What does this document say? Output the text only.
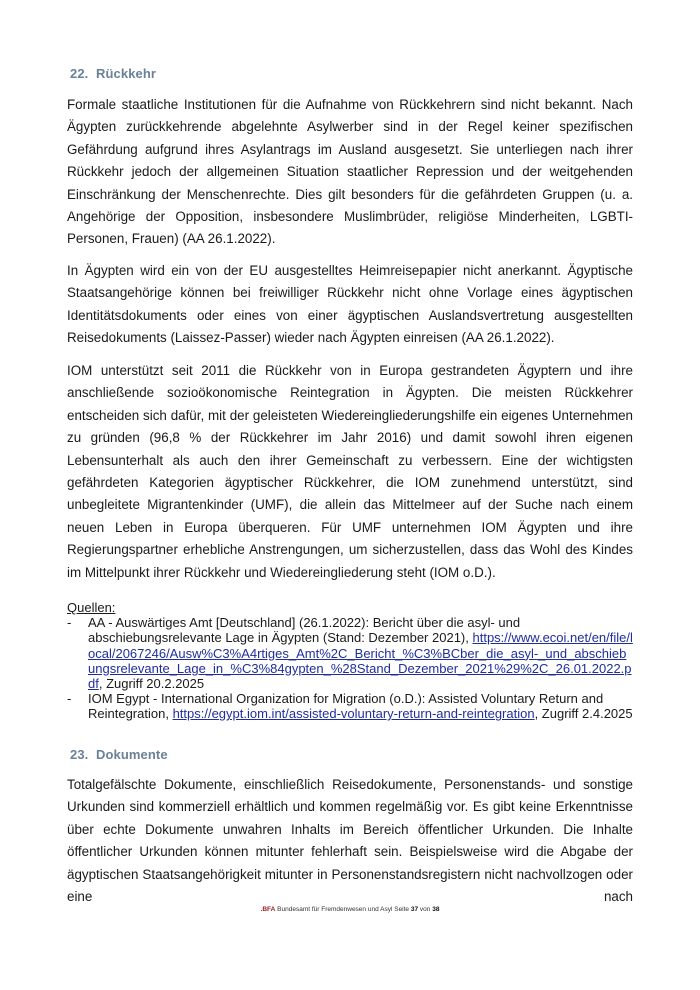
22. Rückkehr

Formale staatliche Institutionen für die Aufnahme von Rückkehrern sind nicht bekannt. Nach Ägypten zurückkehrende abgelehnte Asylwerber sind in der Regel keiner spezifischen Gefährdung aufgrund ihres Asylantrags im Ausland ausgesetzt. Sie unterliegen nach ihrer Rückkehr jedoch der allgemeinen Situation staatlicher Repression und der weitgehenden Einschränkung der Menschenrechte. Dies gilt besonders für die gefährdeten Gruppen (u. a. Angehörige der Opposition, insbesondere Muslimbrüder, religiöse Minderheiten, LGBTI-Personen, Frauen) (AA 26.1.2022).

In Ägypten wird ein von der EU ausgestelltes Heimreisepapier nicht anerkannt. Ägyptische Staatsangehörige können bei freiwilliger Rückkehr nicht ohne Vorlage eines ägyptischen Identitätsdokuments oder eines von einer ägyptischen Auslandsvertretung ausgestellten Reisedokuments (Laissez-Passer) wieder nach Ägypten einreisen (AA 26.1.2022).

IOM unterstützt seit 2011 die Rückkehr von in Europa gestrandeten Ägyptern und ihre anschließende sozioökonomische Reintegration in Ägypten. Die meisten Rückkehrer entscheiden sich dafür, mit der geleisteten Wiedereingliederungshilfe ein eigenes Unternehmen zu gründen (96,8 % der Rückkehrer im Jahr 2016) und damit sowohl ihren eigenen Lebensunterhalt als auch den ihrer Gemeinschaft zu verbessern. Eine der wichtigsten gefährdeten Kategorien ägyptischer Rückkehrer, die IOM zunehmend unterstützt, sind unbegleitete Migrantenkinder (UMF), die allein das Mittelmeer auf der Suche nach einem neuen Leben in Europa überqueren. Für UMF unternehmen IOM Ägypten und ihre Regierungspartner erhebliche Anstrengungen, um sicherzustellen, dass das Wohl des Kindes im Mittelpunkt ihrer Rückkehr und Wiedereingliederung steht (IOM o.D.).

Quellen:
- AA - Auswärtiges Amt [Deutschland] (26.1.2022): Bericht über die asyl- und abschiebungsrelevante Lage in Ägypten (Stand: Dezember 2021), https://www.ecoi.net/en/file/local/2067246/Ausw%C3%A4rtiges_Amt%2C_Bericht_%C3%BCber_die_asyl-_und_abschiebungsrelevante_Lage_in_%C3%84gypten_%28Stand_Dezember_2021%29%2C_26.01.2022.pdf, Zugriff 20.2.2025
- IOM Egypt - International Organization for Migration (o.D.): Assisted Voluntary Return and Reintegration, https://egypt.iom.int/assisted-voluntary-return-and-reintegration, Zugriff 2.4.2025
23. Dokumente

Totalgefälschte Dokumente, einschließlich Reisedokumente, Personenstands- und sonstige Urkunden sind kommerziell erhältlich und kommen regelmäßig vor. Es gibt keine Erkenntnisse über echte Dokumente unwahren Inhalts im Bereich öffentlicher Urkunden. Die Inhalte öffentlicher Urkunden können mitunter fehlerhaft sein. Beispielsweise wird die Abgabe der ägyptischen Staatsangehörigkeit mitunter in Personenstandsregistern nicht nachvollzogen oder eine nach

.BFA Bundesamt für Fremdenwesen und Asyl Seite 37 von 38
